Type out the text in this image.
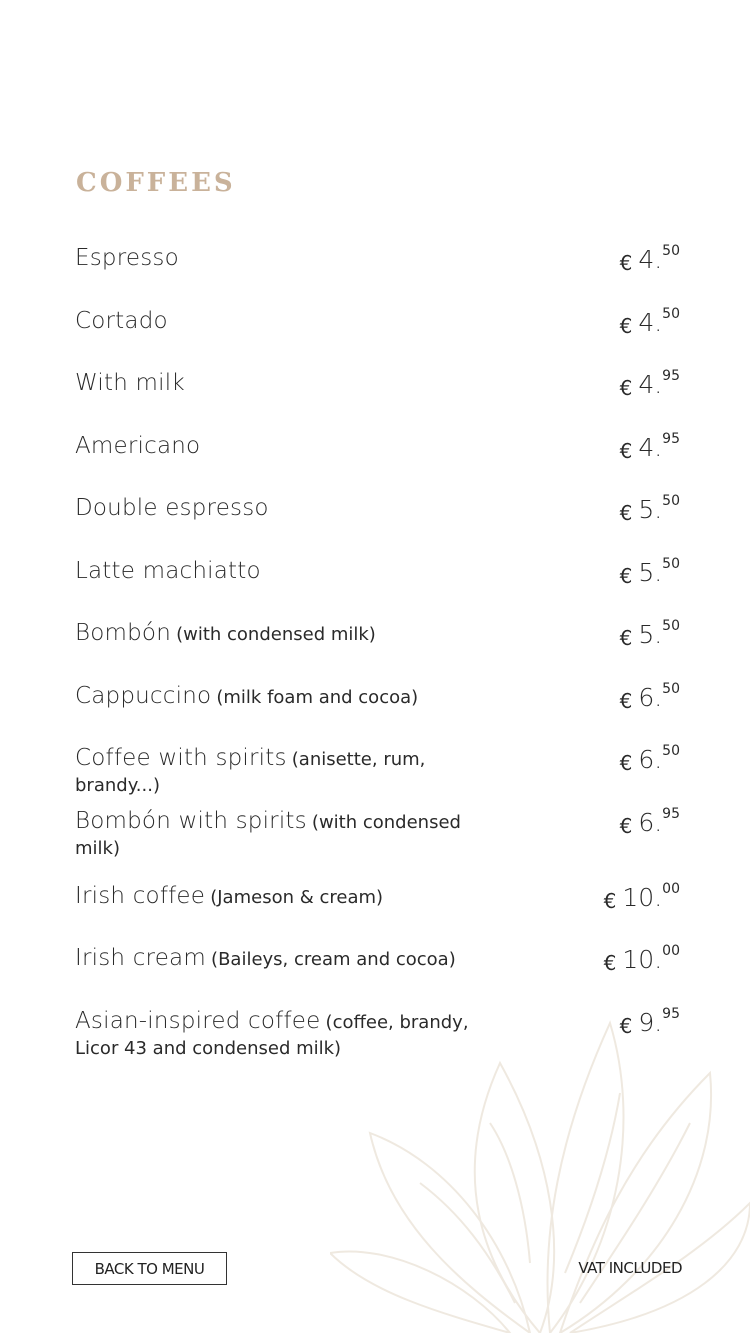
COFFEES
Espresso	€ 4. 50
Cortado	€ 4. 50
With milk	€ 4. 95
Americano	€ 4. 95
Double espresso	€ 5. 50
Latte machiatto	€ 5. 50
Bombón (with condensed milk)	€ 5. 50
Cappuccino (milk foam and cocoa)	€ 6. 50
Coffee with spirits (anisette, rum, brandy...)
€ 6. 50
Bombón with spirits (with condensed milk)
€ 6. 95
Irish coffee (Jameson & cream)	€ 10. 00
Irish cream (Baileys, cream and cocoa)	€ 10. 00
Asian-inspired coffee (coffee, brandy, Licor 43 and condensed milk)
€ 9. 95
BACK TO MENU	VAT INCLUDED
